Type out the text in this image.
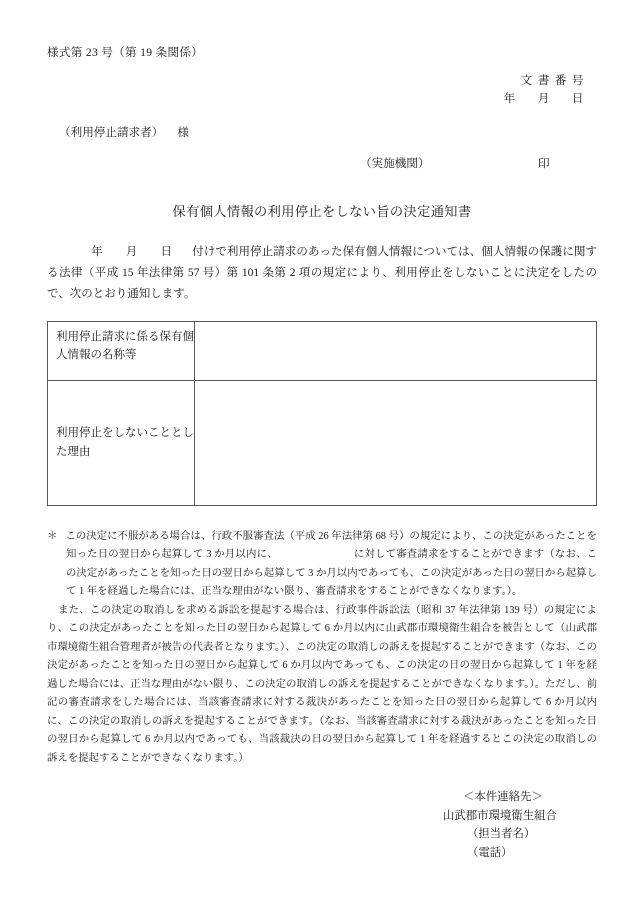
様式第 23 号（第 19 条関係）
文書番号
年　月　日
（利用停止請求者） 様
（実施機関）	印
保有個人情報の利用停止をしない旨の決定通知書
年　　月　　日 付けで利用停止請求のあった保有個人情報については、個人情報の保護に関する法律（平成 15 年法律第 57 号）第 101 条第 2 項の規定により、利用停止をしないことに決定をしたので、次のとおり通知します。
利用停止請求に係る保有個人情報の名称等	
利用停止をしないこととした理由	

＊ この決定に不服がある場合は、行政不服審査法（平成 26 年法律第 68 号）の規定により、この決定があったことを知った日の翌日から起算して 3 か月以内に、	に対して審査請求をすることができます（なお、この決定があったことを知った日の翌日から起算して 3 か月以内であっても、この決定があった日の翌日から起算して 1 年を経過した場合には、正当な理由がない限り、審査請求をすることができなくなります。）。

また、この決定の取消しを求める訴訟を提起する場合は、行政事件訴訟法（昭和 37 年法律第 139 号）の規定により、この決定があったことを知った日の翌日から起算して 6 か月以内に山武郡市環境衛生組合を被告として（山武郡市環境衛生組合管理者が被告の代表者となります。）、この決定の取消しの訴えを提起することができます（なお、この決定があったことを知った日の翌日から起算して 6 か月以内であっても、この決定の日の翌日から起算して 1 年を経過した場合には、正当な理由がない限り、この決定の取消しの訴えを提起することができなくなります。）。ただし、前記の審査請求をした場合には、当該審査請求に対する裁決があったことを知った日の翌日から起算して 6 か月以内に、この決定の取消しの訴えを提起することができます。（なお、当該審査請求に対する裁決があったことを知った日の翌日から起算して 6 か月以内であっても、当該裁決の日の翌日から起算して 1 年を経過するとこの決定の取消しの訴えを提起することができなくなります。）

＜本件連絡先＞
山武郡市環境衛生組合
（担当者名）
（電話）
